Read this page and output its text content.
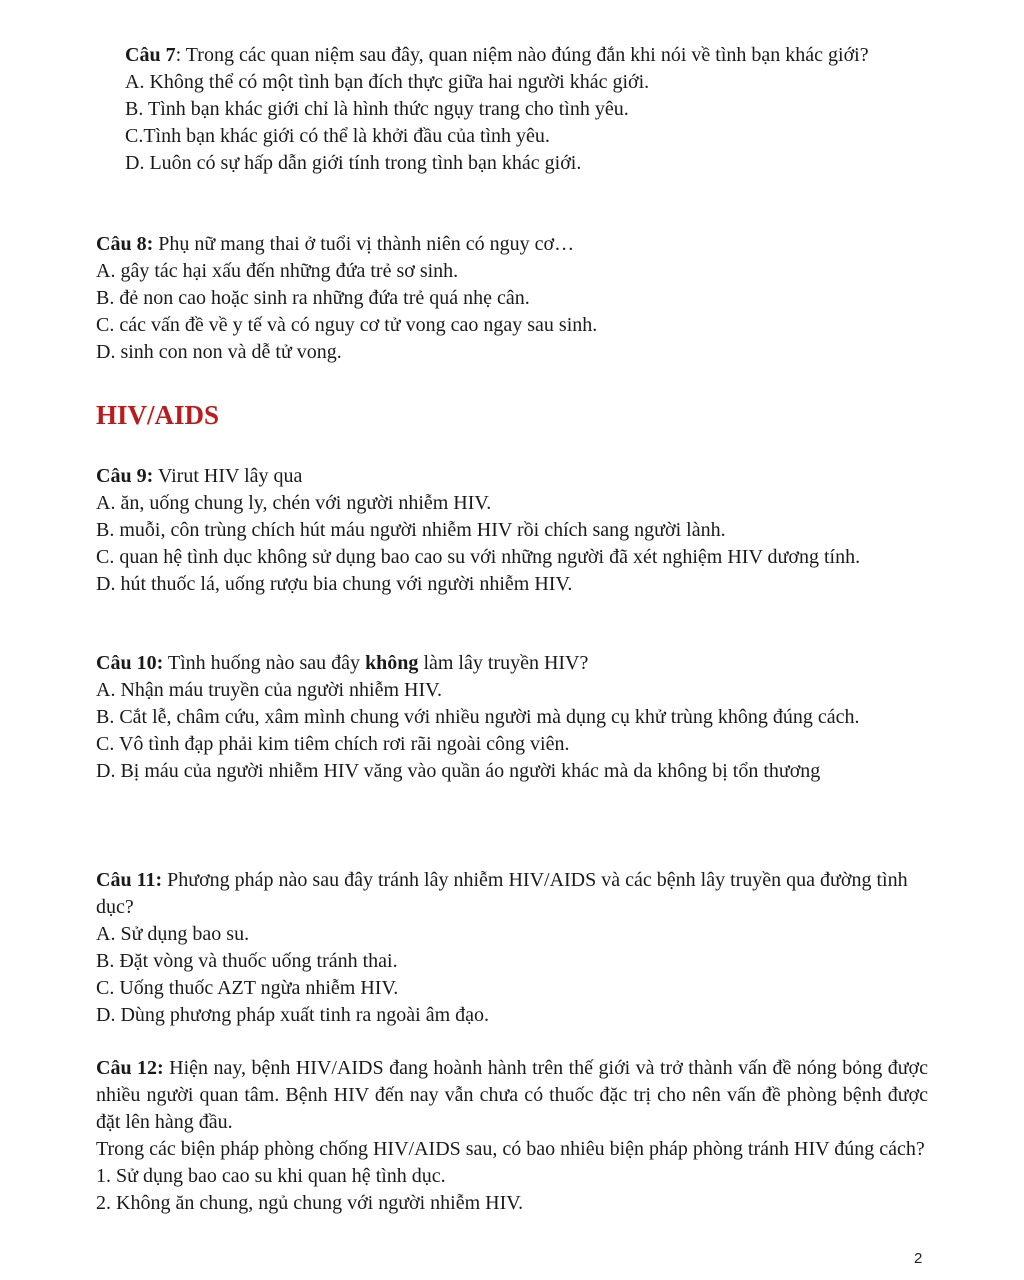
Câu 7: Trong các quan niệm sau đây, quan niệm nào đúng đắn khi nói về tình bạn khác giới?

A. Không thể có một tình bạn đích thực giữa hai người khác giới.

B. Tình bạn khác giới chỉ là hình thức ngụy trang cho tình yêu.

C.Tình bạn khác giới có thể là khởi đầu của tình yêu.

D. Luôn có sự hấp dẫn giới tính trong tình bạn khác giới.

Câu 8: Phụ nữ mang thai ở tuổi vị thành niên có nguy cơ…

A. gây tác hại xấu đến những đứa trẻ sơ sinh.

B. đẻ non cao hoặc sinh ra những đứa trẻ quá nhẹ cân.

C. các vấn đề về y tế và có nguy cơ tử vong cao ngay sau sinh.

D. sinh con non và dễ tử vong.

HIV/AIDS

Câu 9: Virut HIV lây qua

A. ăn, uống chung ly, chén với người nhiễm HIV.

B. muỗi, côn trùng chích hút máu người nhiễm HIV rồi chích sang người lành.

C. quan hệ tình dục không sử dụng bao cao su với những người đã xét nghiệm HIV dương tính.

D. hút thuốc lá, uống rượu bia chung với người nhiễm HIV.

Câu 10: Tình huống nào sau đây không làm lây truyền HIV?

A. Nhận máu truyền của người nhiễm HIV.

B. Cắt lễ, châm cứu, xâm mình chung với nhiều người mà dụng cụ khử trùng không đúng cách.

C. Vô tình đạp phải kim tiêm chích rơi rãi ngoài công viên.

D. Bị máu của người nhiễm HIV văng vào quần áo người khác mà da không bị tổn thương

Câu 11: Phương pháp nào sau đây tránh lây nhiễm HIV/AIDS và các bệnh lây truyền qua đường tình dục?

A. Sử dụng bao su.

B. Đặt vòng và thuốc uống tránh thai.

C. Uống thuốc AZT ngừa nhiễm HIV.

D. Dùng phương pháp xuất tinh ra ngoài âm đạo.

Câu 12: Hiện nay, bệnh HIV/AIDS đang hoành hành trên thế giới và trở thành vấn đề nóng bỏng được nhiều người quan tâm. Bệnh HIV đến nay vẫn chưa có thuốc đặc trị cho nên vấn đề phòng bệnh được đặt lên hàng đầu.

Trong các biện pháp phòng chống HIV/AIDS sau, có bao nhiêu biện pháp phòng tránh HIV đúng cách?

1. Sử dụng bao cao su khi quan hệ tình dục.

2. Không ăn chung, ngủ chung với người nhiễm HIV.

2
